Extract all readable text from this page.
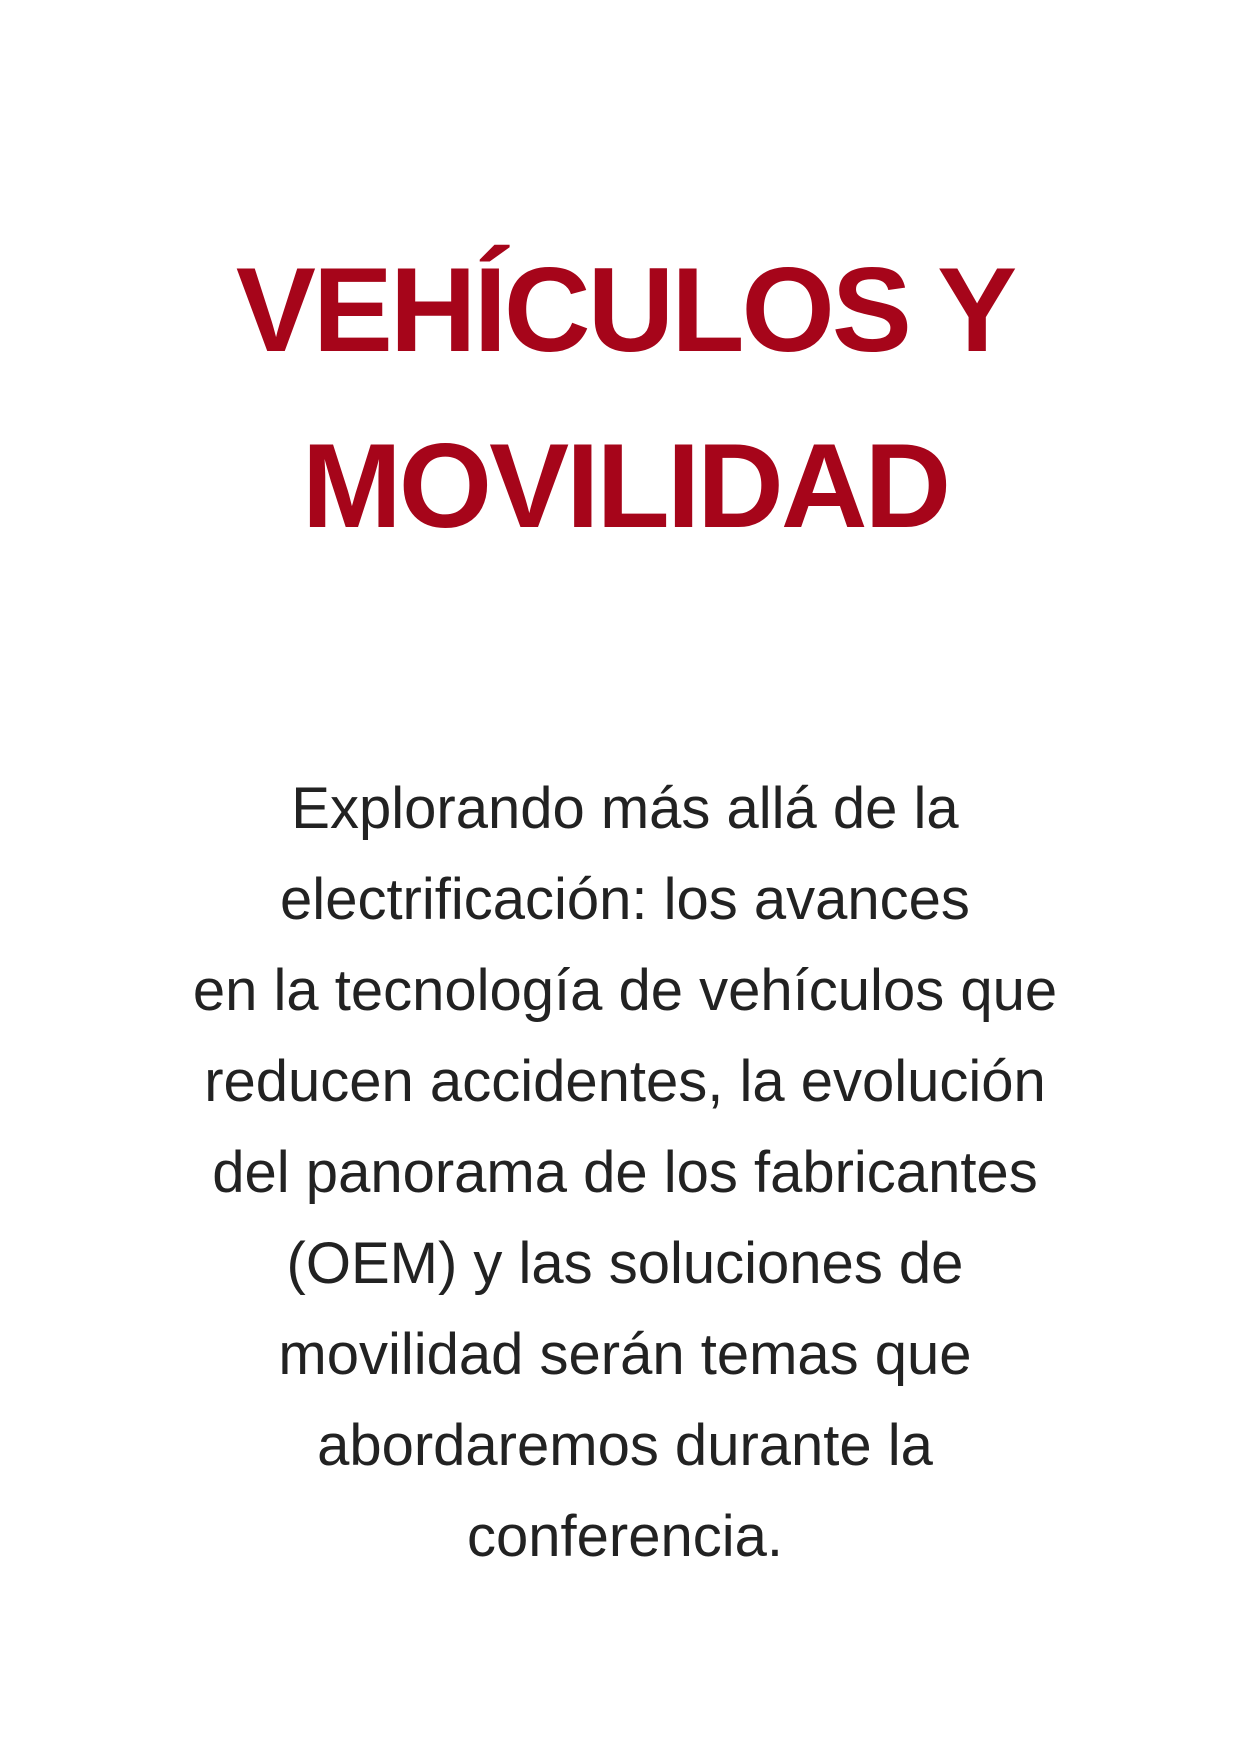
VEHÍCULOS Y
MOVILIDAD

Explorando más allá de la
electrificación: los avances
en la tecnología de vehículos que
reducen accidentes, la evolución
del panorama de los fabricantes
(OEM) y las soluciones de
movilidad serán temas que
abordaremos durante la
conferencia.
